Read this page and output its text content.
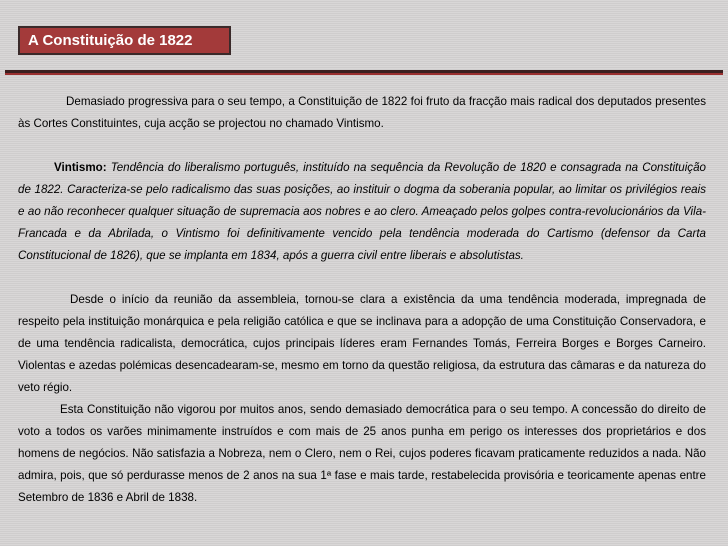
A Constituição de 1822

Demasiado progressiva para o seu tempo, a Constituição de 1822 foi fruto da fracção mais radical dos deputados presentes às Cortes Constituintes, cuja acção se projectou no chamado Vintismo.

Vintismo: Tendência do liberalismo português, instituído na sequência da Revolução de 1820 e consagrada na Constituição de 1822. Caracteriza-se pelo radicalismo das suas posições, ao instituir o dogma da soberania popular, ao limitar os privilégios reais e ao não reconhecer qualquer situação de supremacia aos nobres e ao clero. Ameaçado pelos golpes contra-revolucionários da Vila-Francada e da Abrilada, o Vintismo foi definitivamente vencido pela tendência moderada do Cartismo (defensor da Carta Constitucional de 1826), que se implanta em 1834, após a guerra civil entre liberais e absolutistas.

Desde o início da reunião da assembleia, tornou-se clara a existência da uma tendência moderada, impregnada de respeito pela instituição monárquica e pela religião católica e que se inclinava para a adopção de uma Constituição Conservadora, e de uma tendência radicalista, democrática, cujos principais líderes eram Fernandes Tomás, Ferreira Borges e Borges Carneiro. Violentas e azedas polémicas desencadearam-se, mesmo em torno da questão religiosa, da estrutura das câmaras e da natureza do veto régio.

Esta Constituição não vigorou por muitos anos, sendo demasiado democrática para o seu tempo. A concessão do direito de voto a todos os varões minimamente instruídos e com mais de 25 anos punha em perigo os interesses dos proprietários e dos homens de negócios. Não satisfazia a Nobreza, nem o Clero, nem o Rei, cujos poderes ficavam praticamente reduzidos a nada. Não admira, pois, que só perdurasse menos de 2 anos na sua 1ª fase e mais tarde, restabelecida provisória e teoricamente apenas entre Setembro de 1836 e Abril de 1838.
